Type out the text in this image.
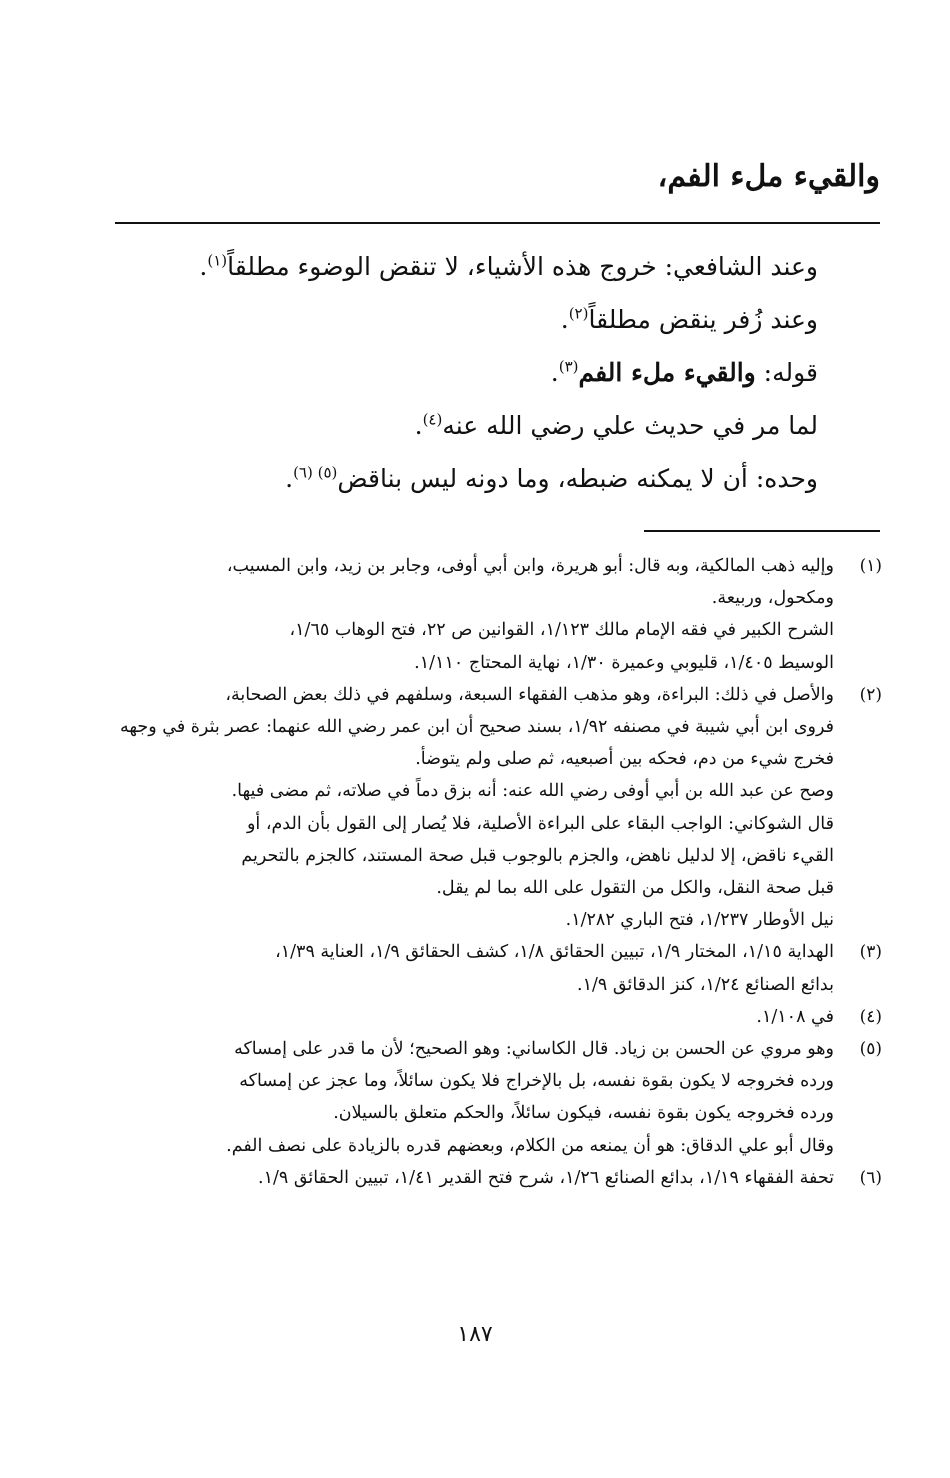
والقيء ملء الفم،
وعند الشافعي: خروج هذه الأشياء، لا تنقض الوضوء مطلقاً$^{(١)}$.
وعند زُفر ينقض مطلقاً$^{(٢)}$.
قوله: والقيء ملء الفم$^{(٣)}$.
لما مر في حديث علي رضي الله عنه$^{(٤)}$.
وحده: أن لا يمكنه ضبطه، وما دونه ليس بناقض$^{(٥) (٦)}$.
(١)
وإليه ذهب المالكية، وبه قال: أبو هريرة، وابن أبي أوفى، وجابر بن زيد، وابن المسيب،
ومكحول، وربيعة.
الشرح الكبير في فقه الإمام مالك ١/١٢٣، القوانين ص ٢٢، فتح الوهاب ١/٦٥،
الوسيط ١/٤٠٥، قليوبي وعميرة ١/٣٠، نهاية المحتاج ١/١١٠.
(٢)
والأصل في ذلك: البراءة، وهو مذهب الفقهاء السبعة، وسلفهم في ذلك بعض الصحابة،
فروى ابن أبي شيبة في مصنفه ١/٩٢، بسند صحيح أن ابن عمر رضي الله عنهما: عصر بثرة في وجهه
فخرج شيء من دم، فحكه بين أصبعيه، ثم صلى ولم يتوضأ.
وصح عن عبد الله بن أبي أوفى رضي الله عنه: أنه بزق دماً في صلاته، ثم مضى فيها.
قال الشوكاني: الواجب البقاء على البراءة الأصلية، فلا يُصار إلى القول بأن الدم، أو
القيء ناقض، إلا لدليل ناهض، والجزم بالوجوب قبل صحة المستند، كالجزم بالتحريم
قبل صحة النقل، والكل من التقول على الله بما لم يقل.
نيل الأوطار ١/٢٣٧، فتح الباري ١/٢٨٢.
(٣)
الهداية ١/١٥، المختار ١/٩، تبيين الحقائق ١/٨، كشف الحقائق ١/٩، العناية ١/٣٩،
بدائع الصنائع ١/٢٤، كنز الدقائق ١/٩.
(٤)
في ١/١٠٨.
(٥)
وهو مروي عن الحسن بن زياد. قال الكاساني: وهو الصحيح؛ لأن ما قدر على إمساكه
ورده فخروجه لا يكون بقوة نفسه، بل بالإخراج فلا يكون سائلاً، وما عجز عن إمساكه
ورده فخروجه يكون بقوة نفسه، فيكون سائلاً، والحكم متعلق بالسيلان.
وقال أبو علي الدقاق: هو أن يمنعه من الكلام، وبعضهم قدره بالزيادة على نصف الفم.
(٦)
تحفة الفقهاء ١/١٩، بدائع الصنائع ١/٢٦، شرح فتح القدير ١/٤١، تبيين الحقائق ١/٩.
١٨٧
